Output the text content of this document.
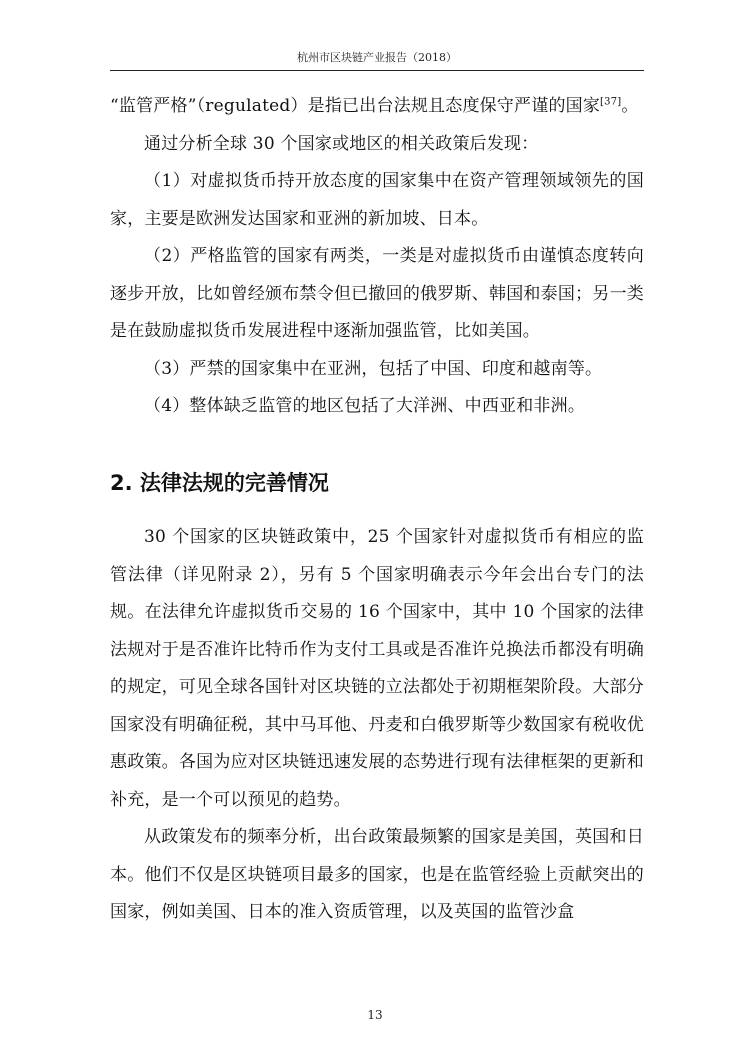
杭州市区块链产业报告（2018）

“监管严格”（regulated）是指已出台法规且态度保守严谨的国家[37]。

通过分析全球 30 个国家或地区的相关政策后发现：

（1）对虚拟货币持开放态度的国家集中在资产管理领域领先的国家，主要是欧洲发达国家和亚洲的新加坡、日本。

（2）严格监管的国家有两类，一类是对虚拟货币由谨慎态度转向逐步开放，比如曾经颁布禁令但已撤回的俄罗斯、韩国和泰国；另一类是在鼓励虚拟货币发展进程中逐渐加强监管，比如美国。

（3）严禁的国家集中在亚洲，包括了中国、印度和越南等。

（4）整体缺乏监管的地区包括了大洋洲、中西亚和非洲。

2. 法律法规的完善情况

30 个国家的区块链政策中，25 个国家针对虚拟货币有相应的监管法律（详见附录 2），另有 5 个国家明确表示今年会出台专门的法规。在法律允许虚拟货币交易的 16 个国家中，其中 10 个国家的法律法规对于是否准许比特币作为支付工具或是否准许兑换法币都没有明确的规定，可见全球各国针对区块链的立法都处于初期框架阶段。大部分国家没有明确征税，其中马耳他、丹麦和白俄罗斯等少数国家有税收优惠政策。各国为应对区块链迅速发展的态势进行现有法律框架的更新和补充，是一个可以预见的趋势。

从政策发布的频率分析，出台政策最频繁的国家是美国，英国和日本。他们不仅是区块链项目最多的国家，也是在监管经验上贡献突出的国家，例如美国、日本的准入资质管理，以及英国的监管沙盒

13
